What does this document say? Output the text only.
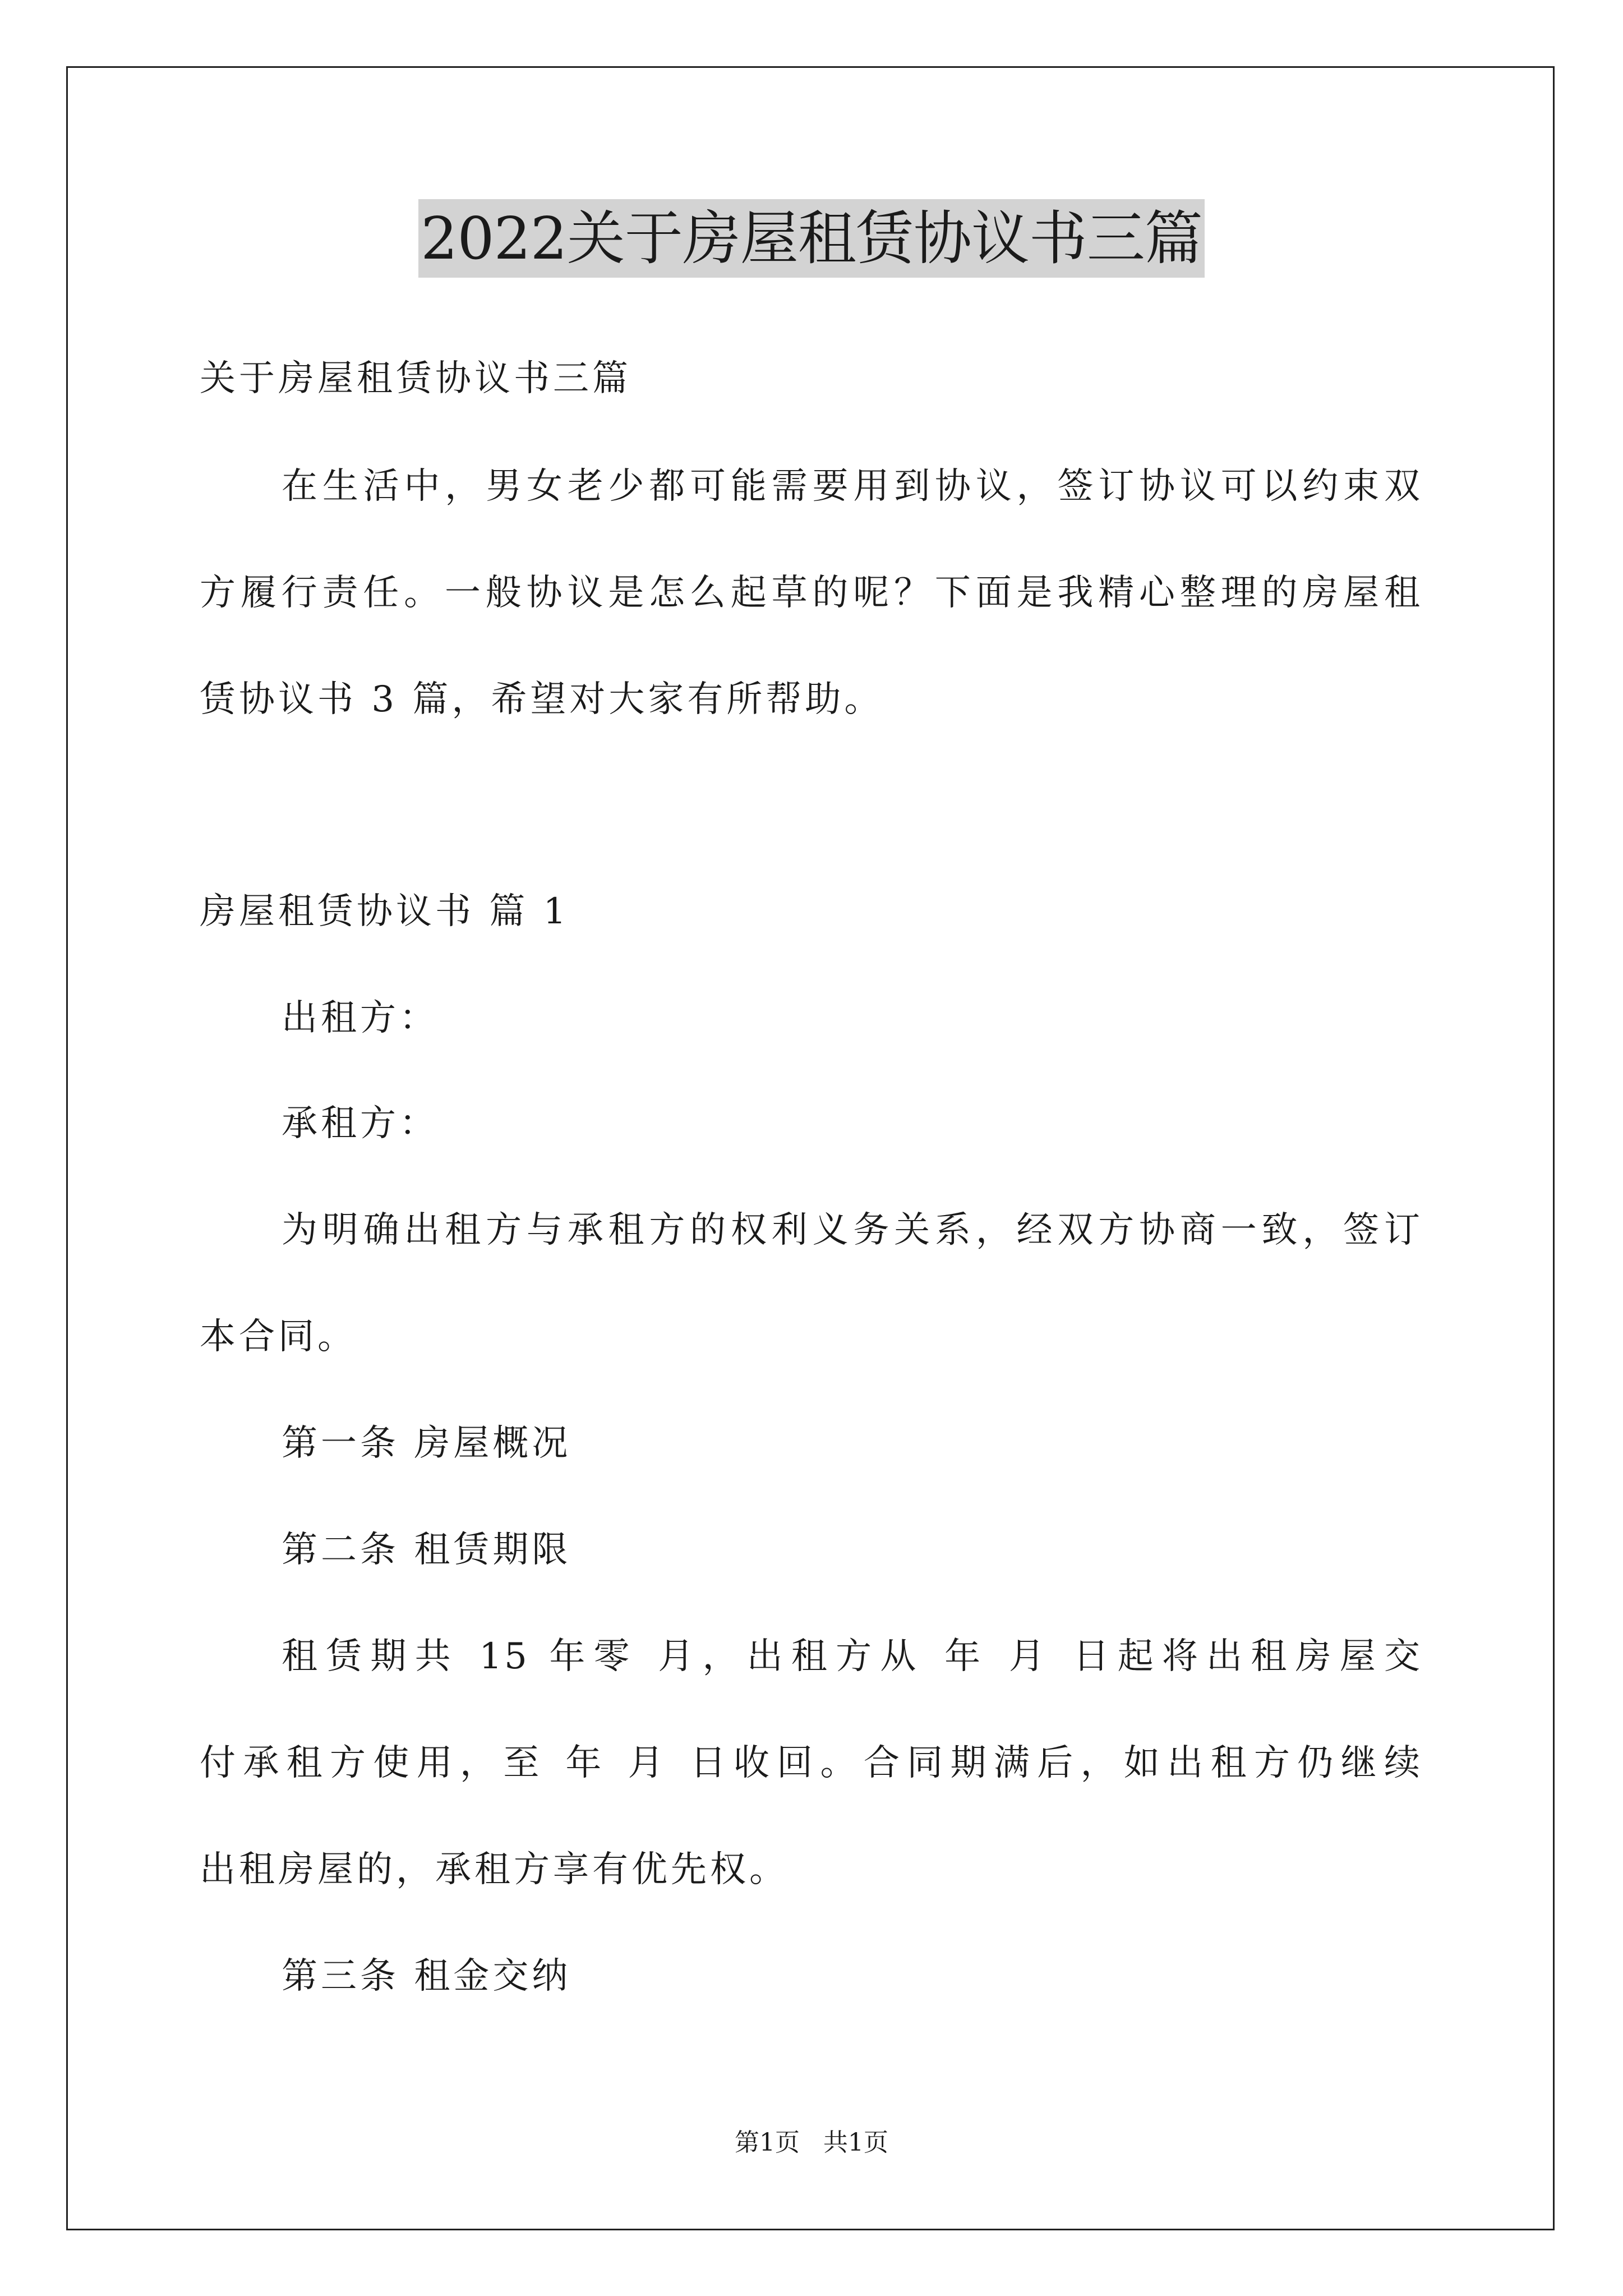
2022关于房屋租赁协议书三篇
关于房屋租赁协议书三篇
在生活中，男女老少都可能需要用到协议，签订协议可以约束双
方履行责任。一般协议是怎么起草的呢？下面是我精心整理的房屋租
赁协议书 3 篇，希望对大家有所帮助。
房屋租赁协议书 篇 1
出租方：
承租方：
为明确出租方与承租方的权利义务关系，经双方协商一致，签订
本合同。
第一条 房屋概况
第二条 租赁期限
租赁期共 15 年零 月，出租方从 年 月 日起将出租房屋交
付承租方使用，至 年 月 日收回。合同期满后，如出租方仍继续
出租房屋的，承租方享有优先权。
第三条 租金交纳
第1页   共1页
